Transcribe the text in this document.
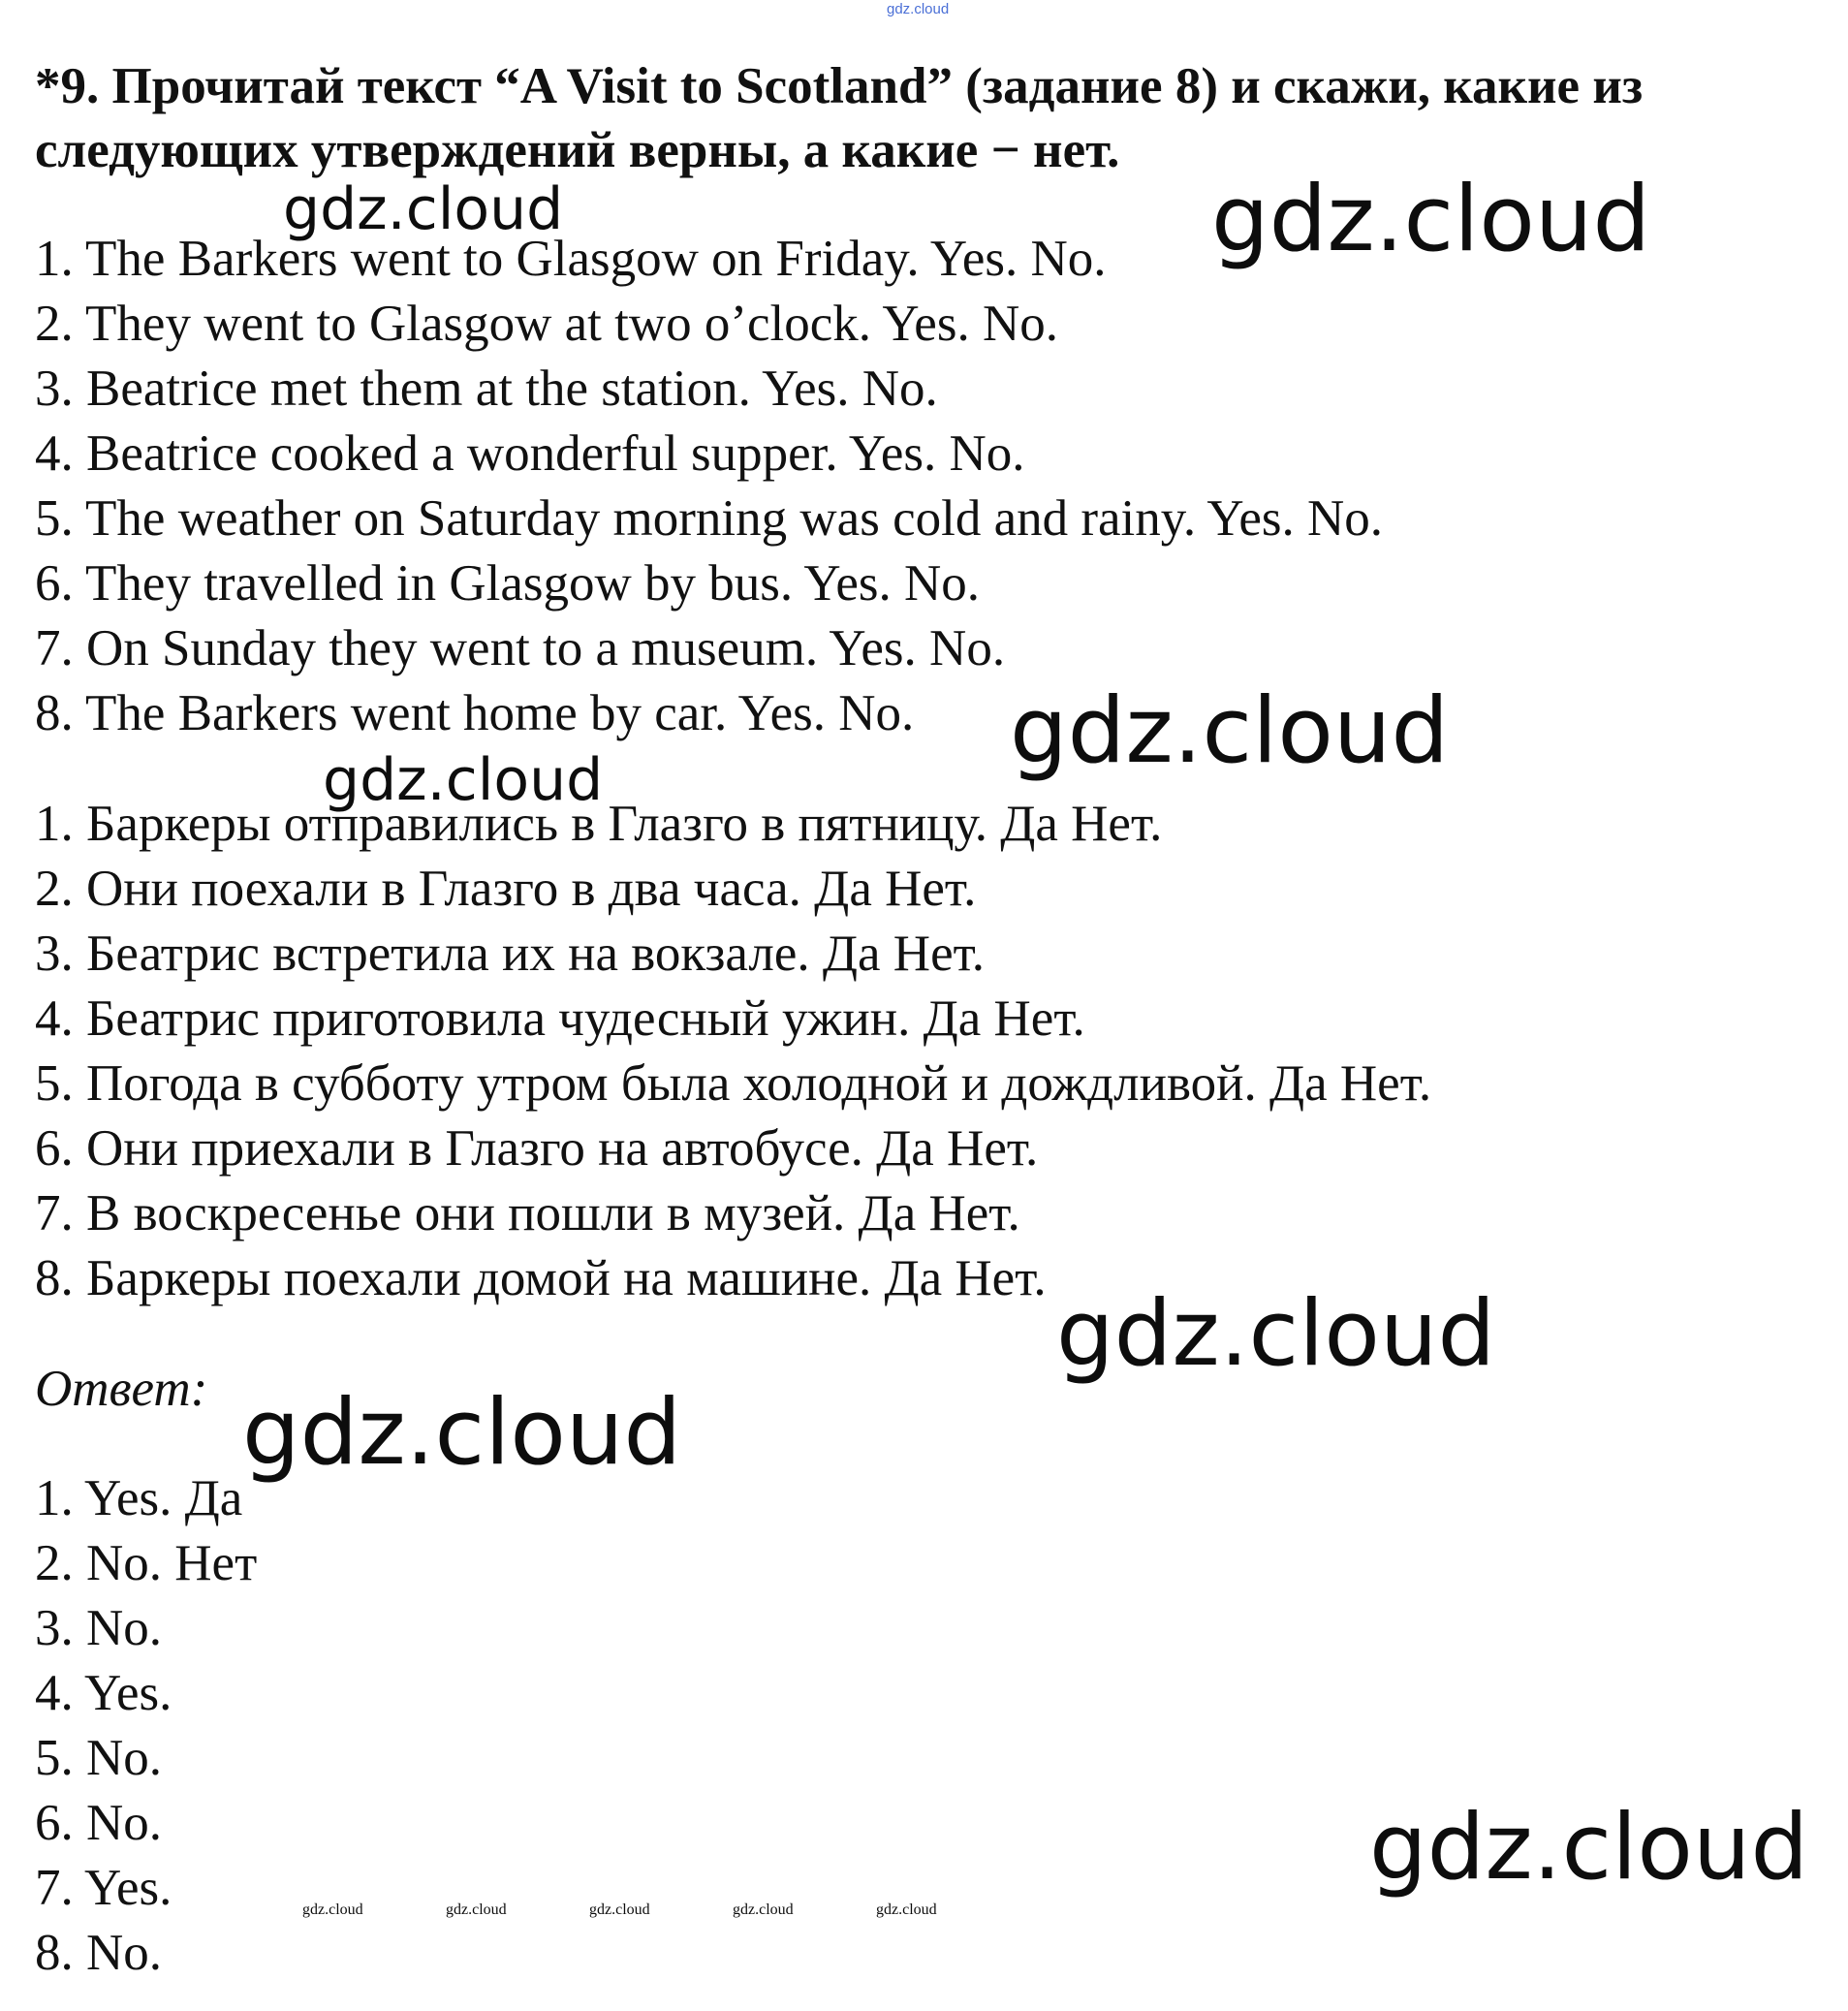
gdz.cloud
gdz.cloud	gdz.cloud
gdz.cloud
gdz.cloud
gdz.cloud
gdz.cloud
gdz.cloud
gdz.cloud	gdz.cloud	gdz.cloud	gdz.cloud	gdz.cloud
*9. Прочитай текст “A Visit to Scotland” (задание 8) и скажи, какие из следующих утверждений верны, а какие − нет.
1. The Barkers went to Glasgow on Friday. Yes. No.
2. They went to Glasgow at two o’clock. Yes. No.
3. Beatrice met them at the station. Yes. No.
4. Beatrice cooked a wonderful supper. Yes. No.
5. The weather on Saturday morning was cold and rainy. Yes. No.
6. They travelled in Glasgow by bus. Yes. No.
7. On Sunday they went to a museum. Yes. No.
8. The Barkers went home by car. Yes. No.
1. Баркеры отправились в Глазго в пятницу. Да Нет.
2. Они поехали в Глазго в два часа. Да Нет.
3. Беатрис встретила их на вокзале. Да Нет.
4. Беатрис приготовила чудесный ужин. Да Нет.
5. Погода в субботу утром была холодной и дождливой. Да Нет.
6. Они приехали в Глазго на автобусе. Да Нет.
7. В воскресенье они пошли в музей. Да Нет.
8. Баркеры поехали домой на машине. Да Нет.
Ответ:
1. Yes. Да
2. No. Нет
3. No.
4. Yes.
5. No.
6. No.
7. Yes.
8. No.
